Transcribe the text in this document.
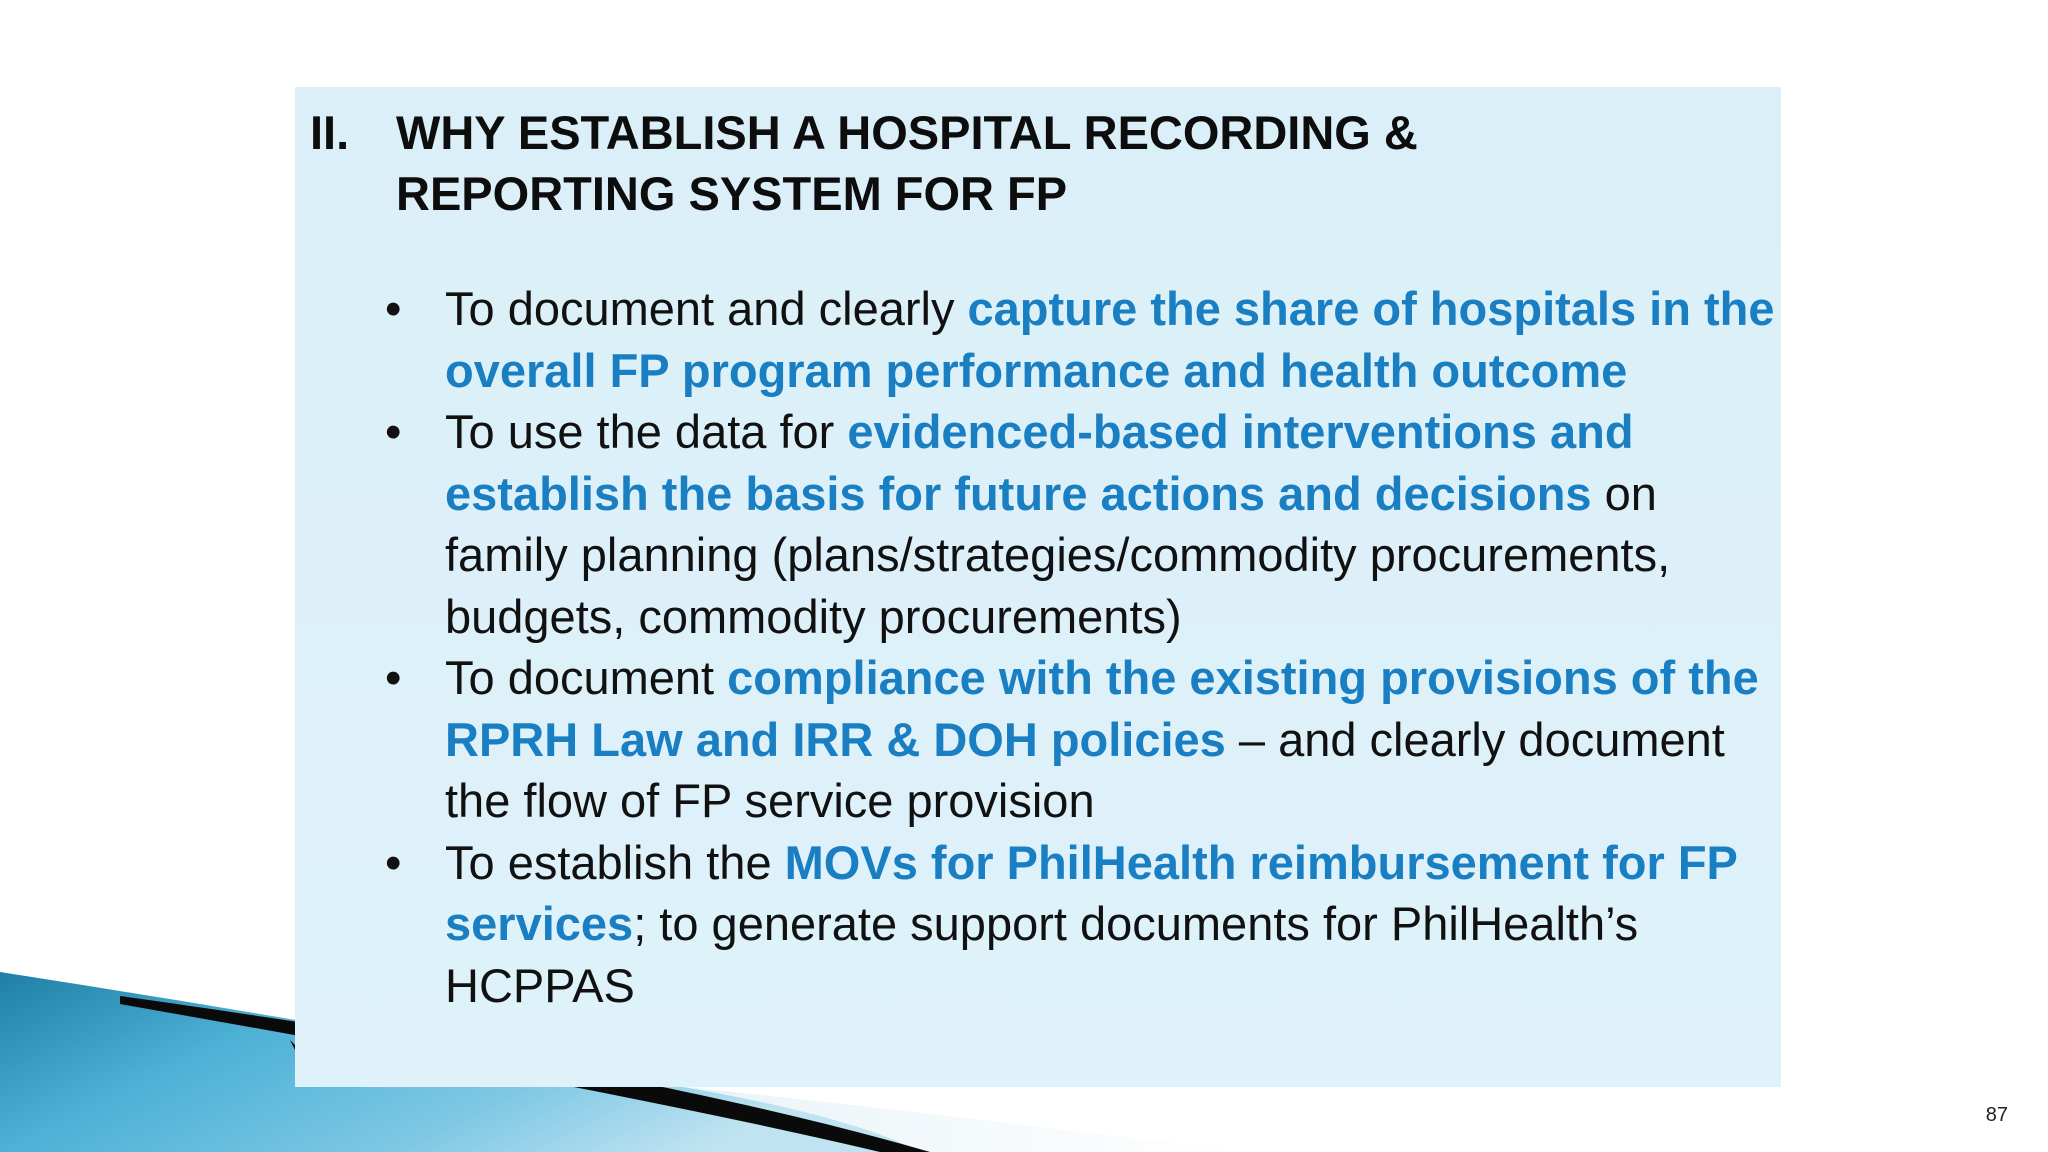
II. WHY ESTABLISH A HOSPITAL RECORDING &
REPORTING SYSTEM FOR FP
• To document and clearly capture the share of hospitals in the overall FP program performance and health outcome
• To use the data for evidenced-based interventions and establish the basis for future actions and decisions on family planning (plans/strategies/commodity procurements, budgets, commodity procurements)
• To document compliance with the existing provisions of the RPRH Law and IRR & DOH policies – and clearly document the flow of FP service provision
• To establish the MOVs for PhilHealth reimbursement for FP services; to generate support documents for PhilHealth’s HCPPAS
87
